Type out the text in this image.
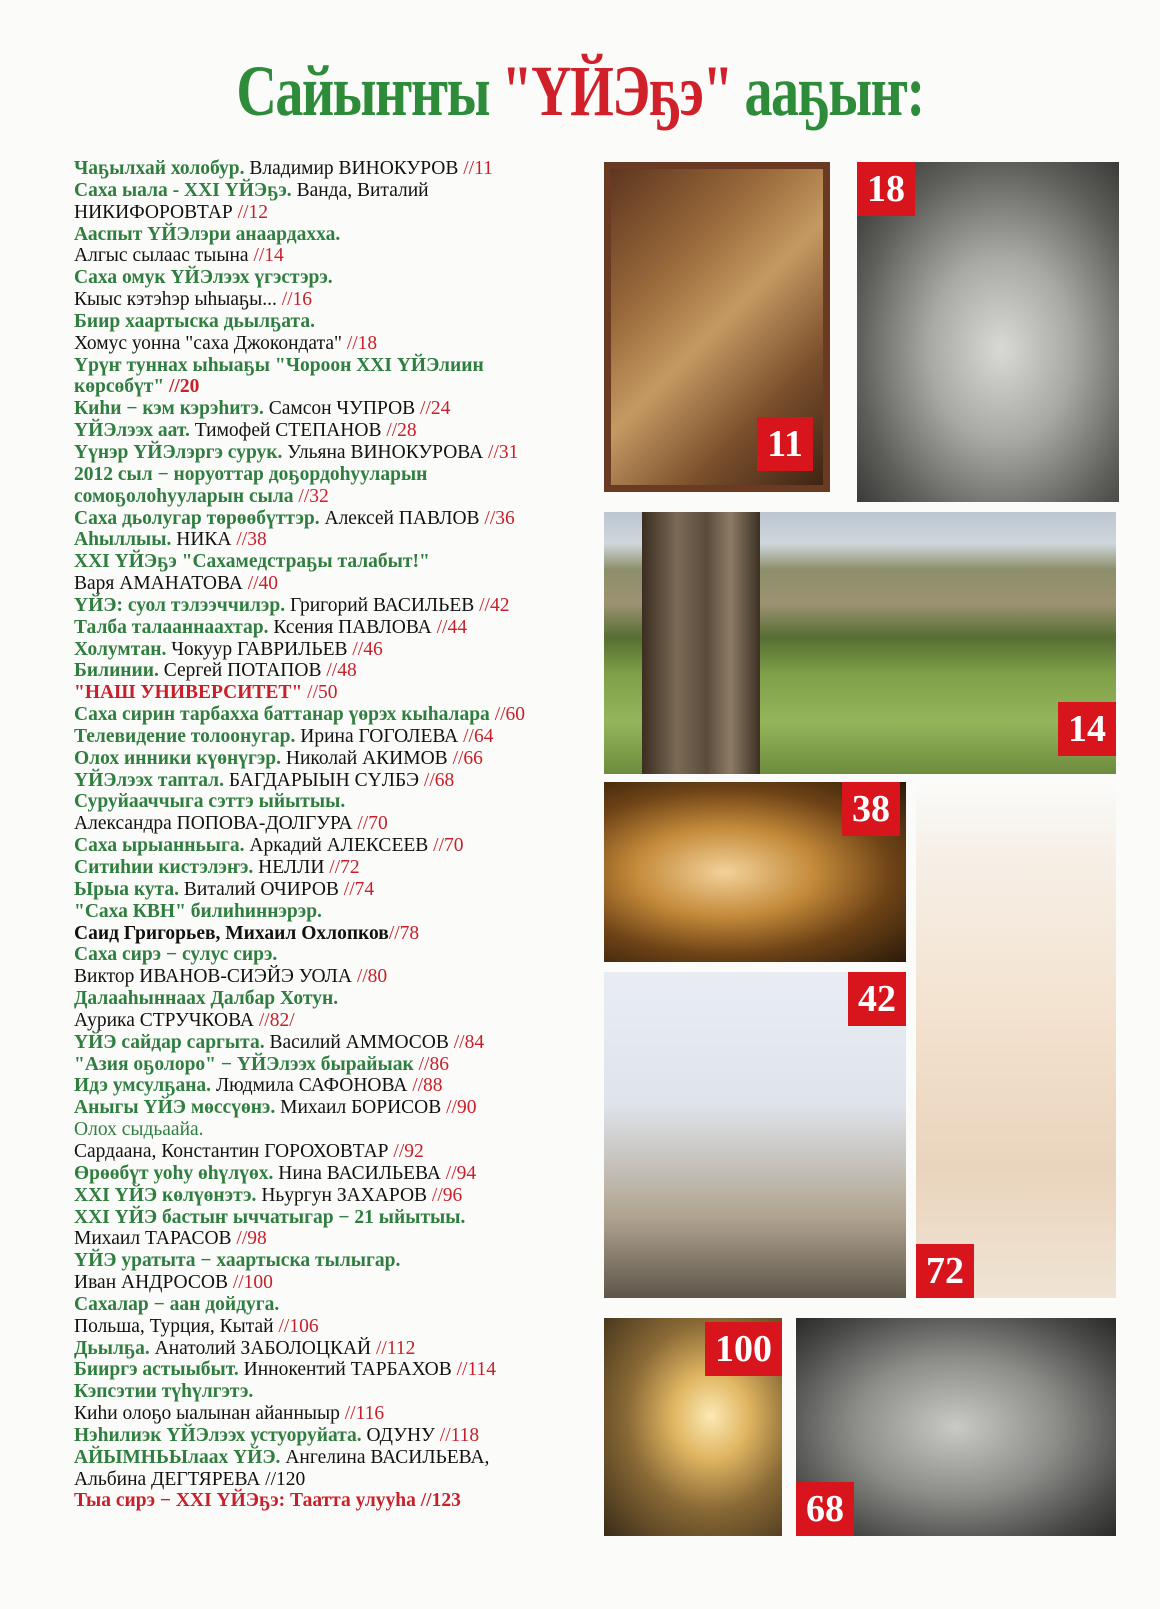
Сайыҥҥы "ҮЙЭҕэ" ааҕыҥ:
Чаҕылхай холобур. Владимир ВИНОКУРОВ //11
Саха ыала - XXI ҮЙЭҕэ. Ванда, Виталий
НИКИФОРОВТАР //12
Ааспыт ҮЙЭлэри анаардахха.
Алгыс сылаас тыына //14
Саха омук ҮЙЭлээх үгэстэрэ.
Кыыс кэтэһэр ыһыаҕы... //16
Биир хаартыска дьылҕата.
Хомус уонна "саха Джокондата" //18
Үрүҥ туннах ыһыаҕы "Чороон XXI ҮЙЭлиин
көрсөбүт" //20
Киһи − кэм кэрэһитэ. Самсон ЧУПРОВ //24
ҮЙЭлээх аат. Тимофей СТЕПАНОВ //28
Үүнэр ҮЙЭлэргэ сурук. Ульяна ВИНОКУРОВА //31
2012 сыл − норуоттар доҕордоһууларын
сомоҕолоһууларын сыла //32
Саха дьолугар төрөөбүттэр. Алексей ПАВЛОВ //36
Аһыллыы. НИКА //38
XXI ҮЙЭҕэ "Сахамедстраҕы талабыт!"
Варя АМАНАТОВА //40
ҮЙЭ: суол тэлээччилэр. Григорий ВАСИЛЬЕВ //42
Талба талааннаахтар. Ксения ПАВЛОВА //44
Холумтан. Чокуур ГАВРИЛЬЕВ //46
Билинии. Сергей ПОТАПОВ //48
"НАШ УНИВЕРСИТЕТ" //50
Саха сирин тарбахха баттанар үөрэх кыһалара //60
Телевидение толоонугар. Ирина ГОГОЛЕВА //64
Олох инники күөнүгэр. Николай АКИМОВ //66
ҮЙЭлээх таптал. БАГДАРЫЫН СҮЛБЭ //68
Суруйааччыга сэттэ ыйытыы.
Александра ПОПОВА-ДОЛГУРА //70
Саха ырыанньыга. Аркадий АЛЕКСЕЕВ //70
Ситиһии кистэлэҥэ. НЕЛЛИ //72
Ырыа кута. Виталий ОЧИРОВ //74
"Саха КВН" билиһиннэрэр.
Саид Григорьев, Михаил Охлопков//78
Саха сирэ − сулус сирэ.
Виктор ИВАНОВ-СИЭЙЭ УОЛА //80
Далааһыннаах Далбар Хотун.
Аурика СТРУЧКОВА //82/
ҮЙЭ сайдар саргыта. Василий АММОСОВ //84
"Азия оҕолоро" − ҮЙЭлээх бырайыак //86
Идэ умсулҕана. Людмила САФОНОВА //88
Аныгы ҮЙЭ мөссүөнэ. Михаил БОРИСОВ //90
Олох сыдьаайа.
Сардаана, Константин ГОРОХОВТАР //92
Өрөөбүт уоһу өһүлүөх. Нина ВАСИЛЬЕВА //94
XXI ҮЙЭ көлүөнэтэ. Ньургун ЗАХАРОВ //96
XXI ҮЙЭ бастыҥ ыччатыгар − 21 ыйытыы.
Михаил ТАРАСОВ //98
ҮЙЭ уратыта − хаартыска тылыгар.
Иван АНДРОСОВ //100
Сахалар − аан дойдуга.
Польша, Турция, Кытай //106
Дьылҕа. Анатолий ЗАБОЛОЦКАЙ //112
Бииргэ астыыбыт. Иннокентий ТАРБАХОВ //114
Кэпсэтии түһүлгэтэ.
Киһи олоҕо ыалынан айанныыр //116
Нэһилиэк ҮЙЭлээх устуоруйата. ОДУНУ //118
АЙЫМНЬЫлаах ҮЙЭ. Ангелина ВАСИЛЬЕВА,
Альбина ДЕГТЯРЕВА //120
Тыа сирэ − XXI ҮЙЭҕэ: Таатта улууһа //123
11
18
14
38
72
42
100
68
